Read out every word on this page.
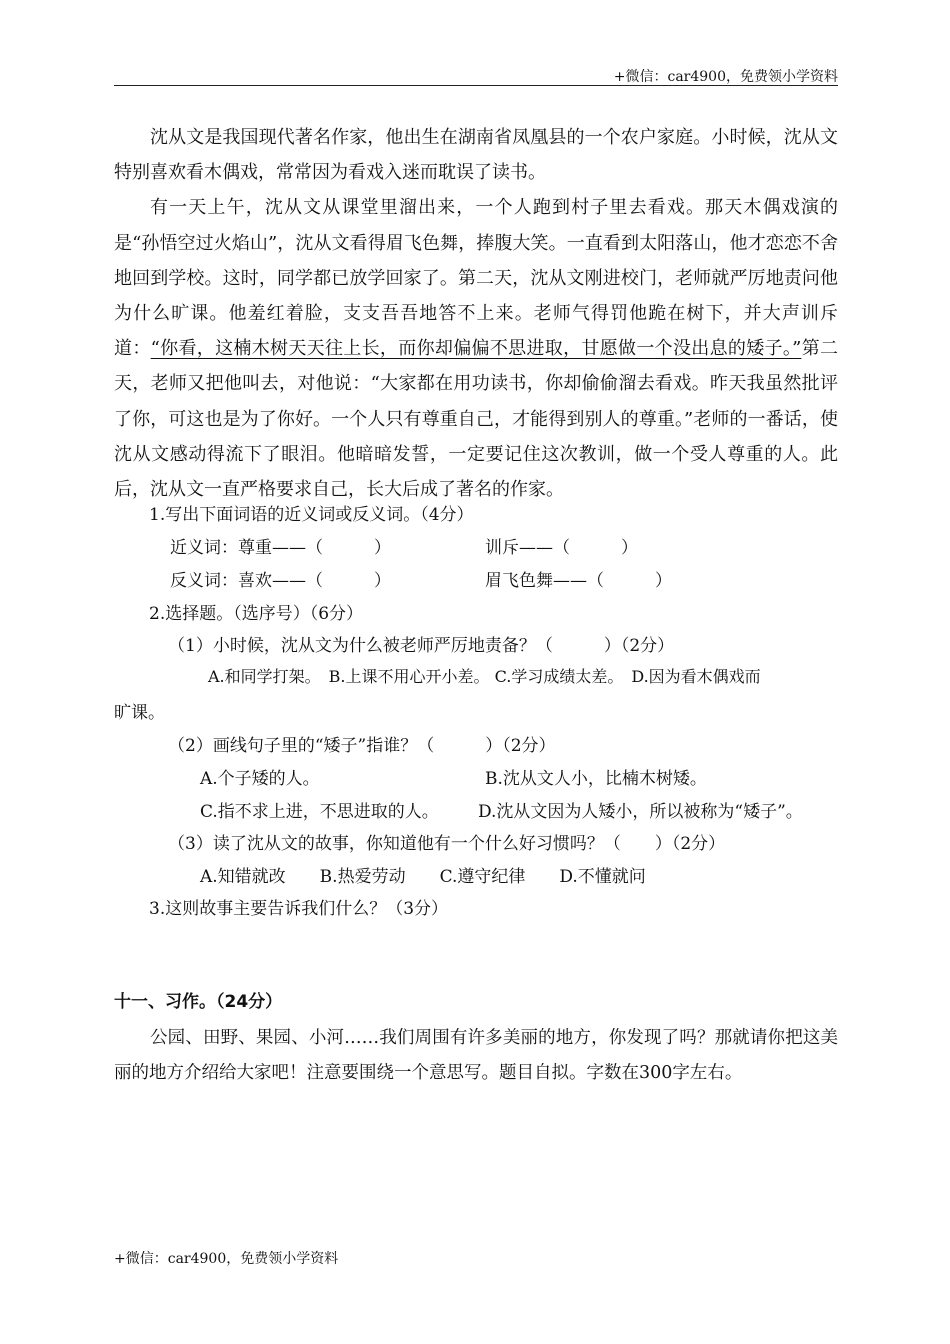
+微信：car4900，免费领小学资料

沈从文是我国现代著名作家，他出生在湖南省凤凰县的一个农户家庭。小时候，沈从文特别喜欢看木偶戏，常常因为看戏入迷而耽误了读书。

有一天上午，沈从文从课堂里溜出来，一个人跑到村子里去看戏。那天木偶戏演的是“孙悟空过火焰山”，沈从文看得眉飞色舞，捧腹大笑。一直看到太阳落山，他才恋恋不舍地回到学校。这时，同学都已放学回家了。第二天，沈从文刚进校门，老师就严厉地责问他为什么旷课。他羞红着脸，支支吾吾地答不上来。老师气得罚他跪在树下，并大声训斥道：“你看，这楠木树天天往上长，而你却偏偏不思进取，甘愿做一个没出息的矮子。”第二天，老师又把他叫去，对他说：“大家都在用功读书，你却偷偷溜去看戏。昨天我虽然批评了你，可这也是为了你好。一个人只有尊重自己，才能得到别人的尊重。”老师的一番话，使沈从文感动得流下了眼泪。他暗暗发誓，一定要记住这次教训，做一个受人尊重的人。此后，沈从文一直严格要求自己，长大后成了著名的作家。

1.写出下面词语的近义词或反义词。（4分）
近义词：尊重——（　　　）	训斥——（　　　）
反义词：喜欢——（　　　）	眉飞色舞——（　　　）
2.选择题。（选序号）（6分）
（1）小时候，沈从文为什么被老师严厉地责备？（　　　）（2分）
A.和同学打架。　B.上课不用心开小差。 C.学习成绩太差。　D.因为看木偶戏而
旷课。
（2）画线句子里的“矮子”指谁？（　　　）（2分）
A.个子矮的人。	B.沈从文人小，比楠木树矮。
C.指不求上进，不思进取的人。 D.沈从文因为人矮小，所以被称为“矮子”。
（3）读了沈从文的故事，你知道他有一个什么好习惯吗？（　　）（2分）
A.知错就改　　B.热爱劳动　　C.遵守纪律　　D.不懂就问
3.这则故事主要告诉我们什么？（3分）
十一、习作。（24分）

公园、田野、果园、小河……我们周围有许多美丽的地方，你发现了吗？那就请你把这美丽的地方介绍给大家吧！注意要围绕一个意思写。题目自拟。字数在300字左右。

+微信：car4900，免费领小学资料
